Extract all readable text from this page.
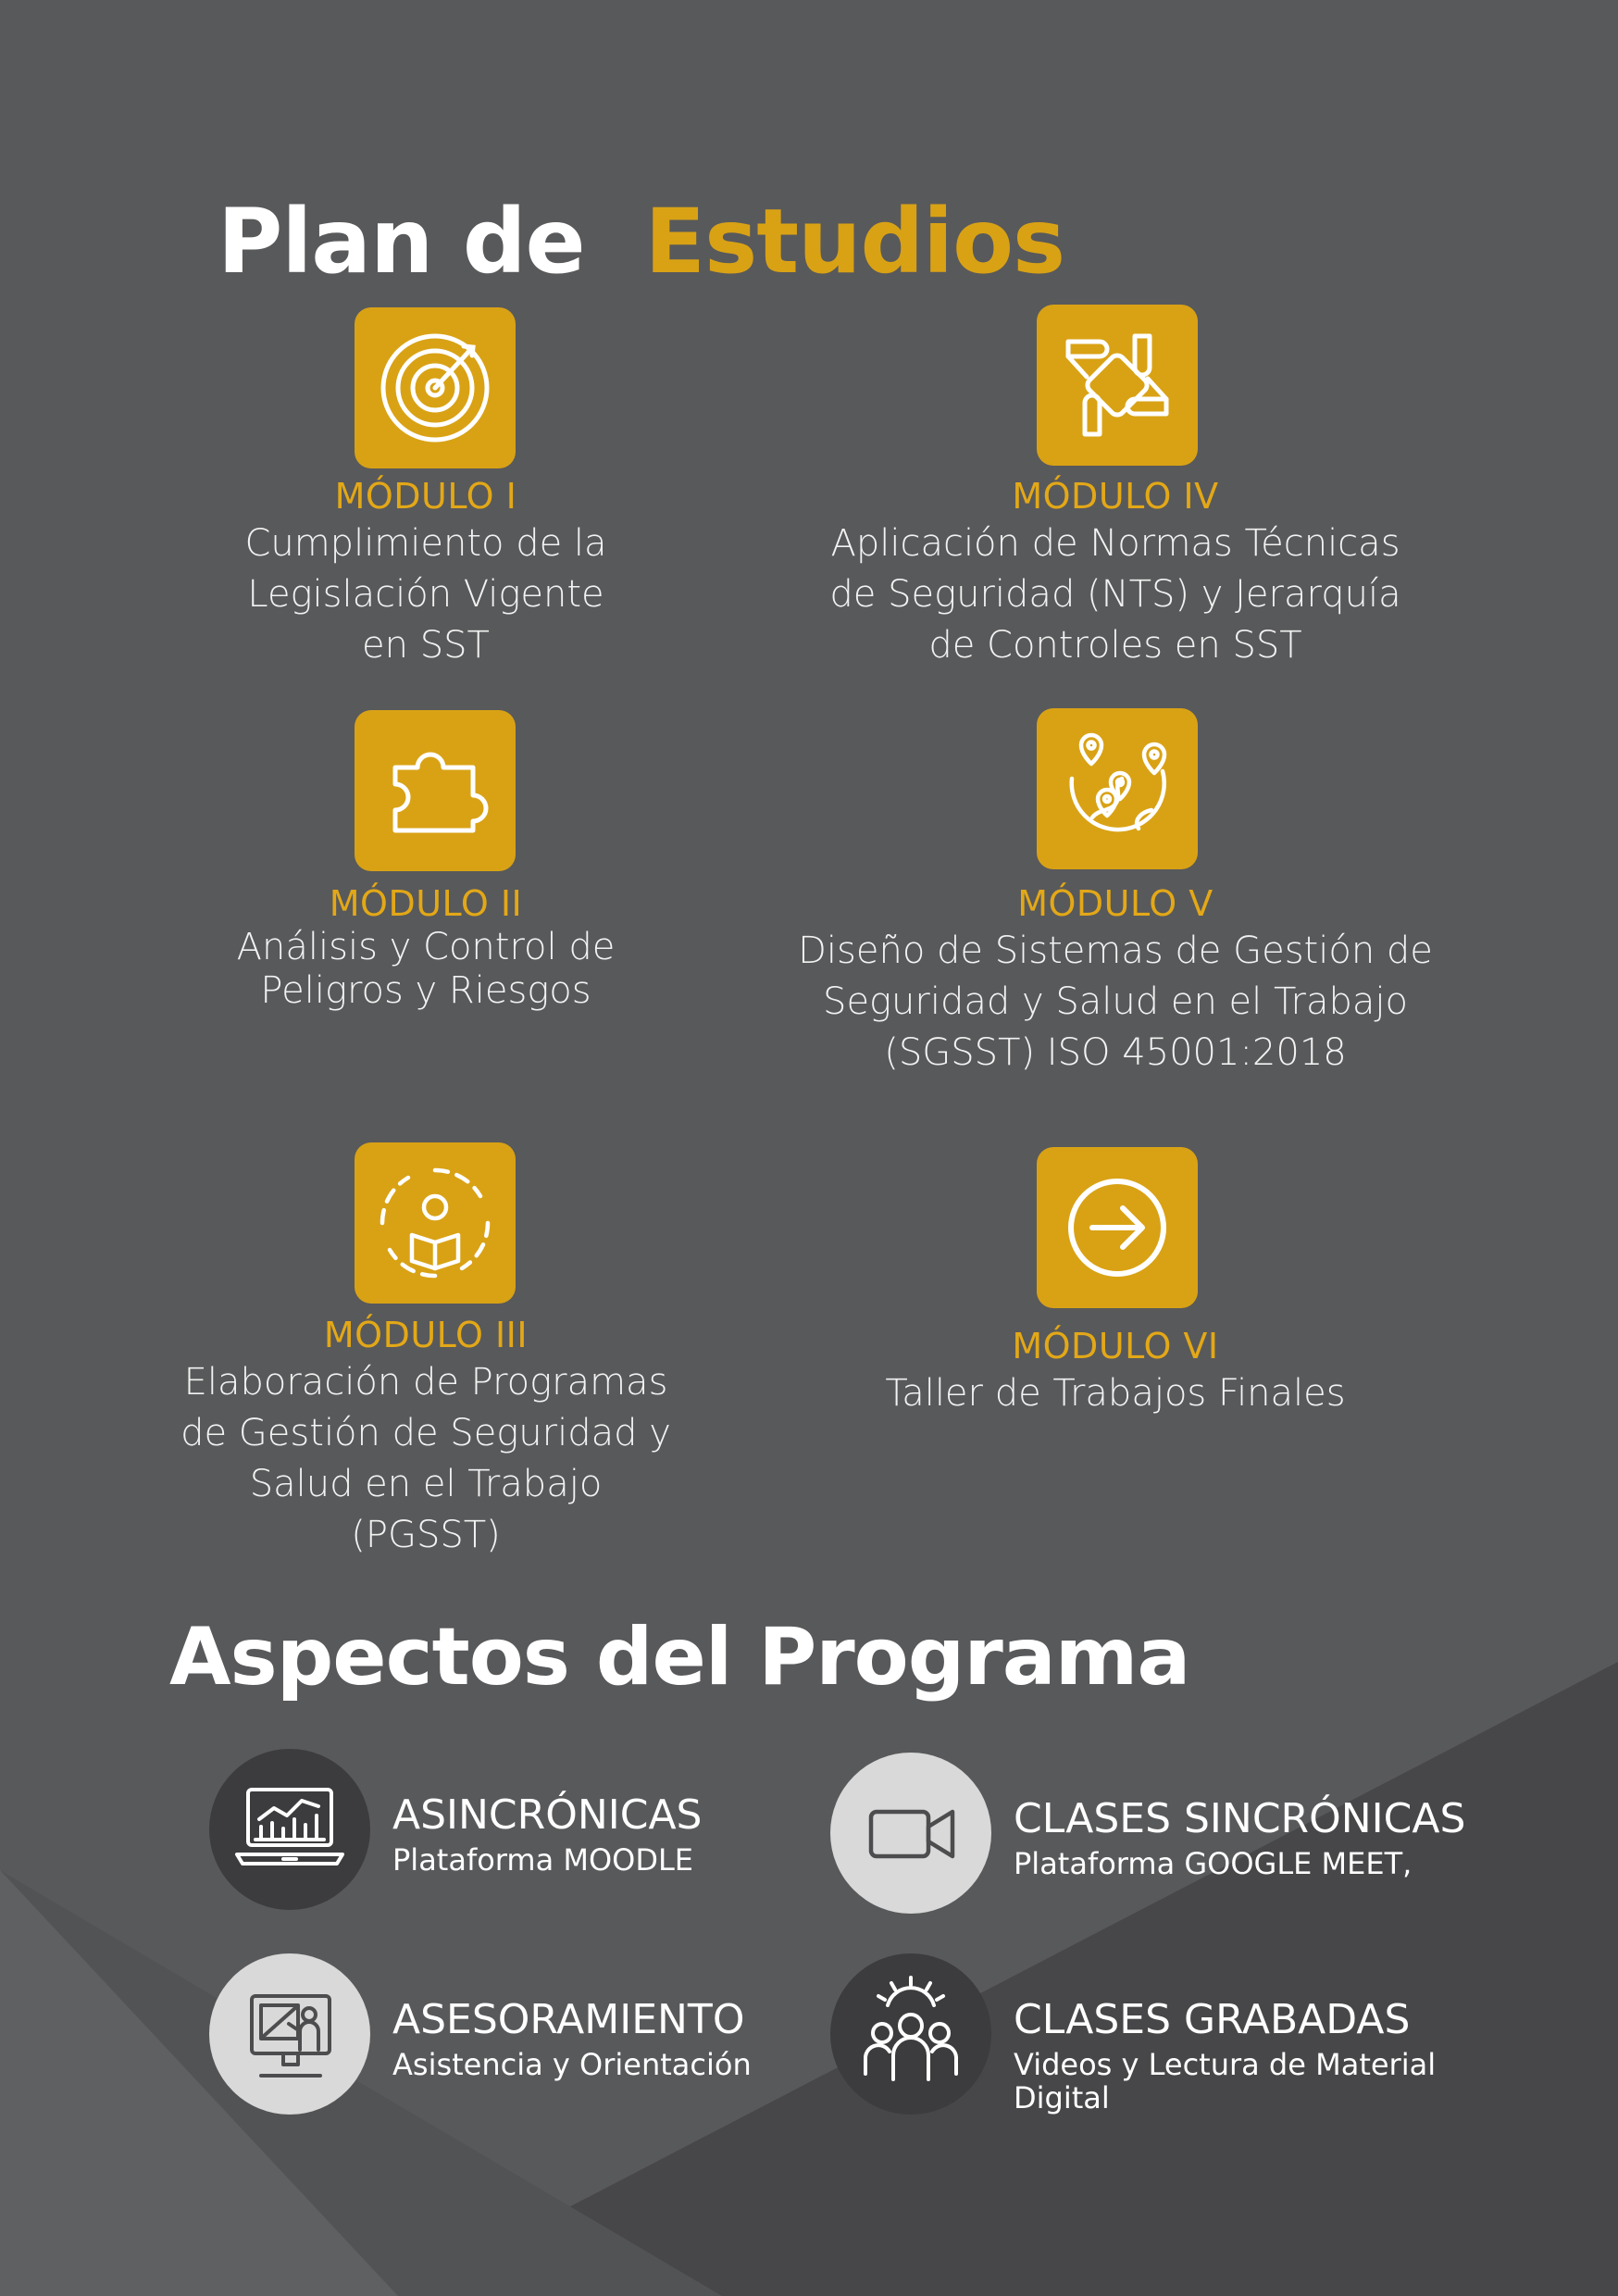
Plan de Estudios
MÓDULO I
Cumplimiento de la
Legislación Vigente
en SST
MÓDULO IV
Aplicación de Normas Técnicas
de Seguridad (NTS) y Jerarquía
de Controles en SST
MÓDULO II
Análisis y Control de
Peligros y Riesgos
MÓDULO V
Diseño de Sistemas de Gestión de
Seguridad y Salud en el Trabajo
(SGSST) ISO 45001:2018
MÓDULO III
Elaboración de Programas
de Gestión de Seguridad y
Salud en el Trabajo
(PGSST)
MÓDULO VI
Taller de Trabajos Finales
Aspectos del Programa
ASINCRÓNICAS
Plataforma MOODLE
CLASES SINCRÓNICAS
Plataforma GOOGLE MEET,
ASESORAMIENTO
Asistencia y Orientación
CLASES GRABADAS
Videos y Lectura de Material Digital
